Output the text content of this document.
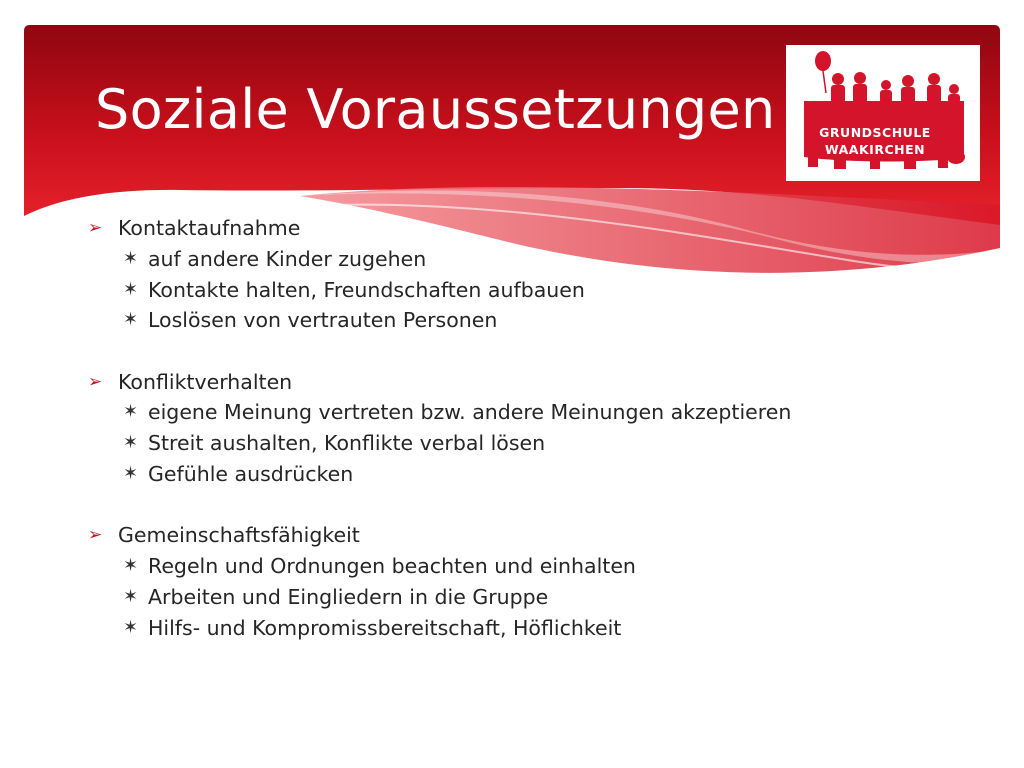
Soziale Voraussetzungen	GRUNDSCHULE
WAAKIRCHEN
➢ Kontaktaufnahme
✶ auf andere Kinder zugehen
✶ Kontakte halten, Freundschaften aufbauen
✶ Loslösen von vertrauten Personen
➢ Konfliktverhalten
✶ eigene Meinung vertreten bzw. andere Meinungen akzeptieren
✶ Streit aushalten, Konflikte verbal lösen
✶ Gefühle ausdrücken
➢ Gemeinschaftsfähigkeit
✶ Regeln und Ordnungen beachten und einhalten
✶ Arbeiten und Eingliedern in die Gruppe
✶ Hilfs- und Kompromissbereitschaft, Höflichkeit
